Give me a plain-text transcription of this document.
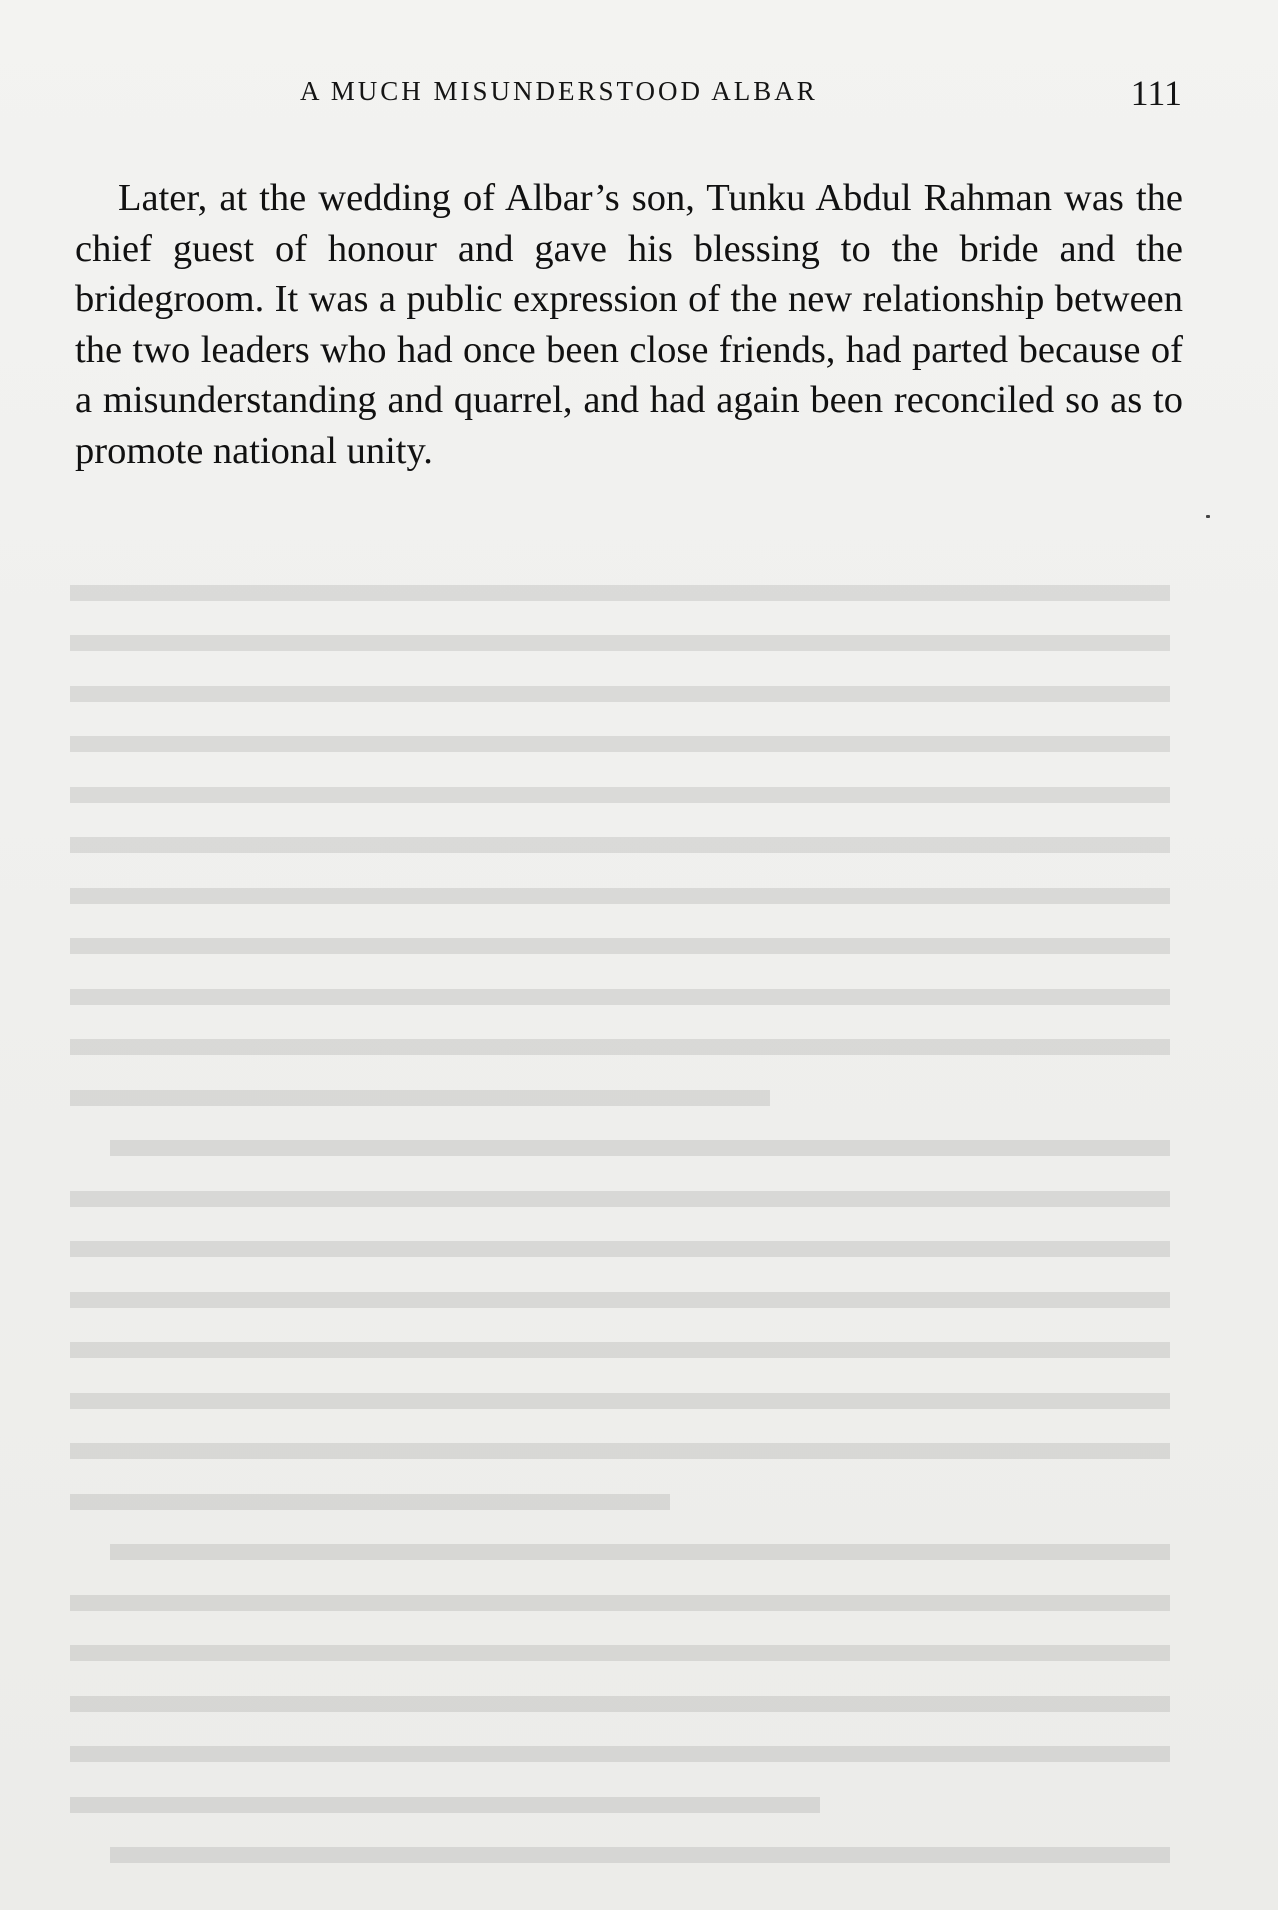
A MUCH MISUNDERSTOOD ALBAR	111

Later, at the wedding of Albar’s son, Tunku Abdul Rahman was the chief guest of honour and gave his blessing to the bride and the bridegroom. It was a public expression of the new relationship between the two leaders who had once been close friends, had parted because of a misunderstanding and quarrel, and had again been reconciled so as to promote national unity.
